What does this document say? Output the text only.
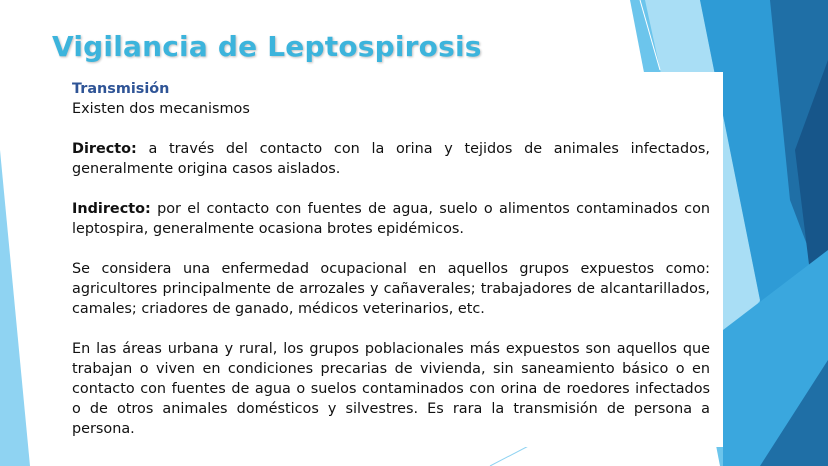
Vigilancia de Leptospirosis
Transmisión

Existen dos mecanismos

Directo: a través del contacto con la orina y tejidos de animales infectados, generalmente origina casos aislados.

Indirecto: por el contacto con fuentes de agua, suelo o alimentos contaminados con leptospira, generalmente ocasiona brotes epidémicos.

Se considera una enfermedad ocupacional en aquellos grupos expuestos como: agricultores principalmente de arrozales y cañaverales; trabajadores de alcantarillados, camales; criadores de ganado, médicos veterinarios, etc.

En las áreas urbana y rural, los grupos poblacionales más expuestos son aquellos que trabajan o viven en condiciones precarias de vivienda, sin saneamiento básico o en contacto con fuentes de agua o suelos contaminados con orina de roedores infectados o de otros animales domésticos y silvestres. Es rara la transmisión de persona a persona.
